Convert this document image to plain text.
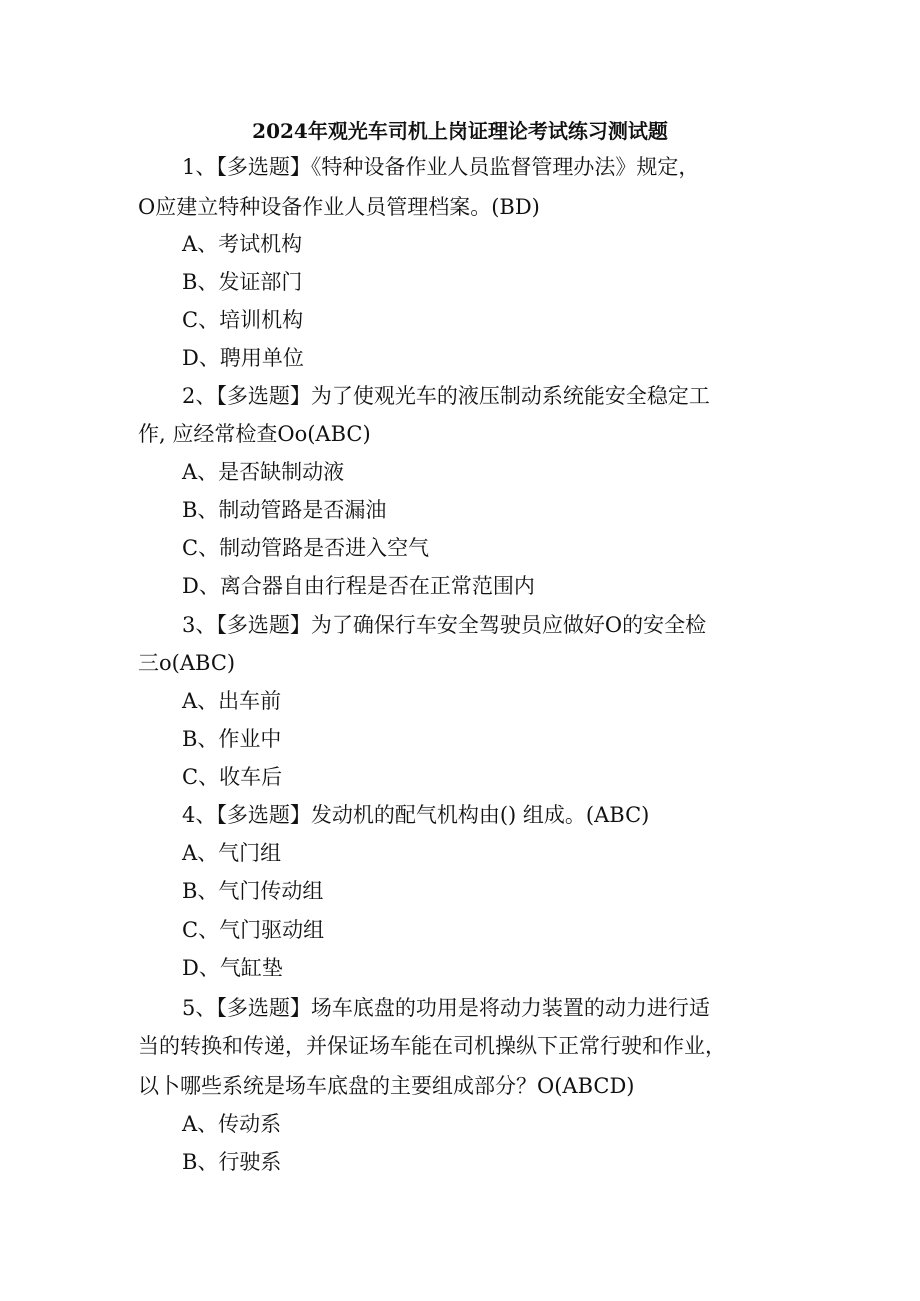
2024年观光车司机上岗证理论考试练习测试题
1、【多选题】《特种设备作业人员监督管理办法》规定，
O应建立特种设备作业人员管理档案。(BD)
A、考试机构
B、发证部门
C、培训机构
D、聘用单位
2、【多选题】为了使观光车的液压制动系统能安全稳定工
作, 应经常检查Oo(ABC)
A、是否缺制动液
B、制动管路是否漏油
C、制动管路是否进入空气
D、离合器自由行程是否在正常范围内
3、【多选题】为了确保行车安全驾驶员应做好O的安全检
三o(ABC)
A、出车前
B、作业中
C、收车后
4、【多选题】发动机的配气机构由() 组成。(ABC)
A、气门组
B、气门传动组
C、气门驱动组
D、气缸垫
5、【多选题】场车底盘的功用是将动力装置的动力进行适
当的转换和传递，并保证场车能在司机操纵下正常行驶和作业，
以卜哪些系统是场车底盘的主要组成部分？O(ABCD)
A、传动系
B、行驶系
